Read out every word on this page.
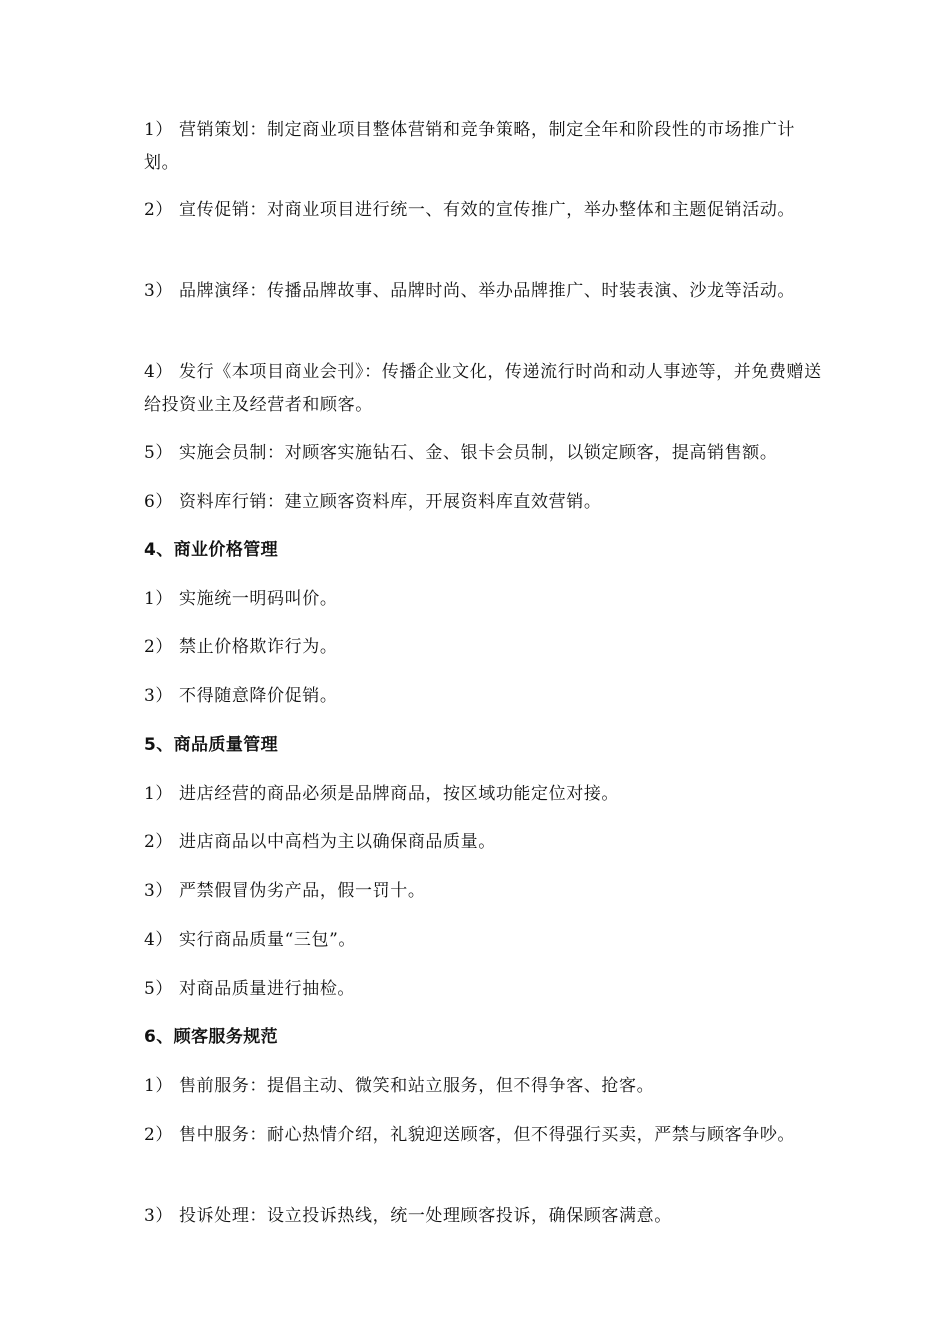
1） 营销策划：制定商业项目整体营销和竞争策略，制定全年和阶段性的市场推广计划。
2） 宣传促销：对商业项目进行统一、有效的宣传推广，举办整体和主题促销活动。
3） 品牌演绎：传播品牌故事、品牌时尚、举办品牌推广、时装表演、沙龙等活动。
4） 发行《本项目商业会刊》：传播企业文化，传递流行时尚和动人事迹等，并免费赠送给投资业主及经营者和顾客。
5） 实施会员制：对顾客实施钻石、金、银卡会员制，以锁定顾客，提高销售额。
6） 资料库行销：建立顾客资料库，开展资料库直效营销。
4、商业价格管理
1） 实施统一明码叫价。
2） 禁止价格欺诈行为。
3） 不得随意降价促销。
5、商品质量管理
1） 进店经营的商品必须是品牌商品，按区域功能定位对接。
2） 进店商品以中高档为主以确保商品质量。
3） 严禁假冒伪劣产品，假一罚十。
4） 实行商品质量“三包”。
5） 对商品质量进行抽检。
6、顾客服务规范
1） 售前服务：提倡主动、微笑和站立服务，但不得争客、抢客。
2） 售中服务：耐心热情介绍，礼貌迎送顾客，但不得强行买卖，严禁与顾客争吵。
3） 投诉处理：设立投诉热线，统一处理顾客投诉，确保顾客满意。
